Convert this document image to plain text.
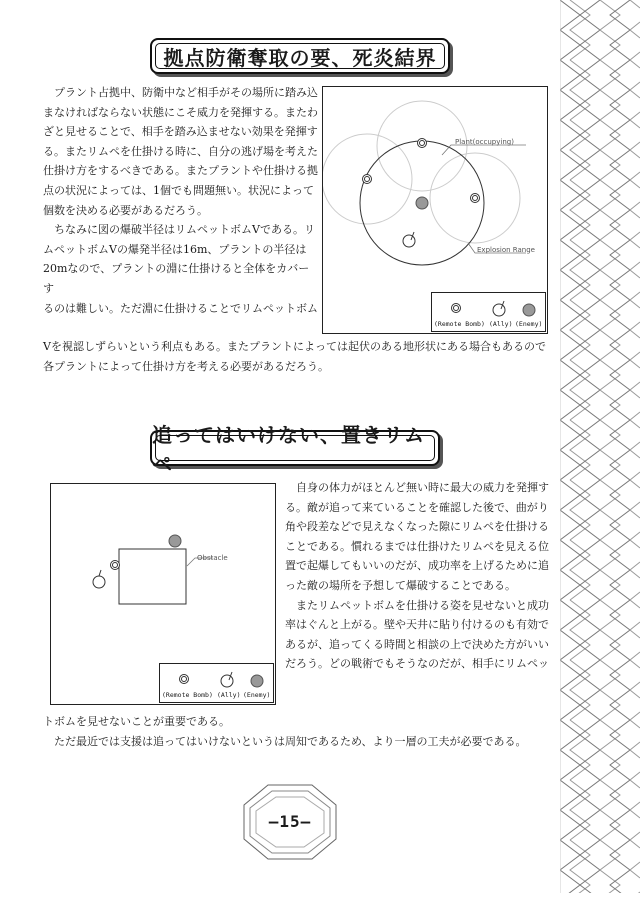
拠点防衛奪取の要、死炎結界

プラント占拠中、防衛中など相手がその場所に踏み込

まなければならない状態にこそ威力を発揮する。またわ

ざと見せることで、相手を踏み込ませない効果を発揮す

る。またリムペを仕掛ける時に、自分の逃げ場を考えた

仕掛け方をするべきである。またプラントや仕掛ける拠

点の状況によっては、1個でも問題無い。状況によって

個数を決める必要があるだろう。

ちなみに図の爆破半径はリムペットボムVである。リ

ムペットボムVの爆発半径は16m、プラントの半径は

20mなので、プラントの淵に仕掛けると全体をカバーす

るのは難しい。ただ淵に仕掛けることでリムペットボム

Vを視認しずらいという利点もある。またプラントによっては起伏のある地形状にある場合もあるので

各プラントによって仕掛け方を考える必要があるだろう。

Plant(occupying)
Explosion Range
(Remote Bomb) (Ally) (Enemy)
追ってはいけない、置きリムペ
Obstacle
(Remote Bomb) (Ally) (Enemy)

自身の体力がほとんど無い時に最大の威力を発揮す

る。敵が追って来ていることを確認した後で、曲がり

角や段差などで見えなくなった隙にリムペを仕掛ける

ことである。慣れるまでは仕掛けたリムペを見える位

置で起爆してもいいのだが、成功率を上げるために追

った敵の場所を予想して爆破することである。

またリムペットボムを仕掛ける姿を見せないと成功

率はぐんと上がる。壁や天井に貼り付けるのも有効で

あるが、追ってくる時間と相談の上で決めた方がいい

だろう。どの戦術でもそうなのだが、相手にリムペッ

トボムを見せないことが重要である。

ただ最近では支援は追ってはいけないというは周知であるため、より一層の工夫が必要である。

—15—
